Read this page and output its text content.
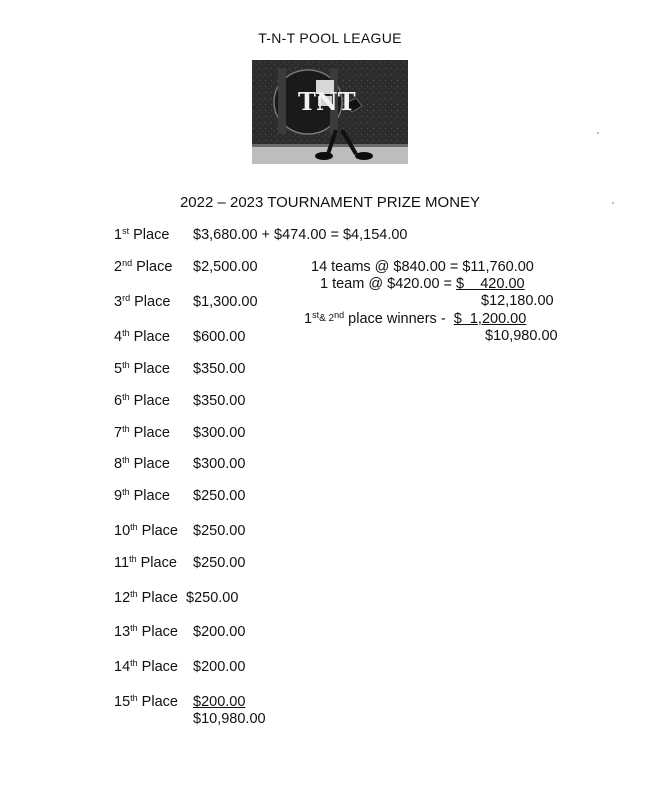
T-N-T POOL LEAGUE
TNT
2022 – 2023 TOURNAMENT PRIZE MONEY
1st Place $3,680.00 + $474.00 = $4,154.00
2nd Place $2,500.00
3rd Place $1,300.00
4th Place $600.00
5th Place $350.00
6th Place $350.00
7th Place $300.00
8th Place $300.00
9th Place $250.00
10th Place $250.00
11th Place $250.00
12th Place $250.00
13th Place $200.00
14th Place $200.00
15th Place $200.00
$10,980.00
14 teams @ $840.00 = $11,760.00
1 team @ $420.00 = $    420.00
$12,180.00
$1^{st\& 2nd}$ place winners -  $  1,200.00
$10,980.00
